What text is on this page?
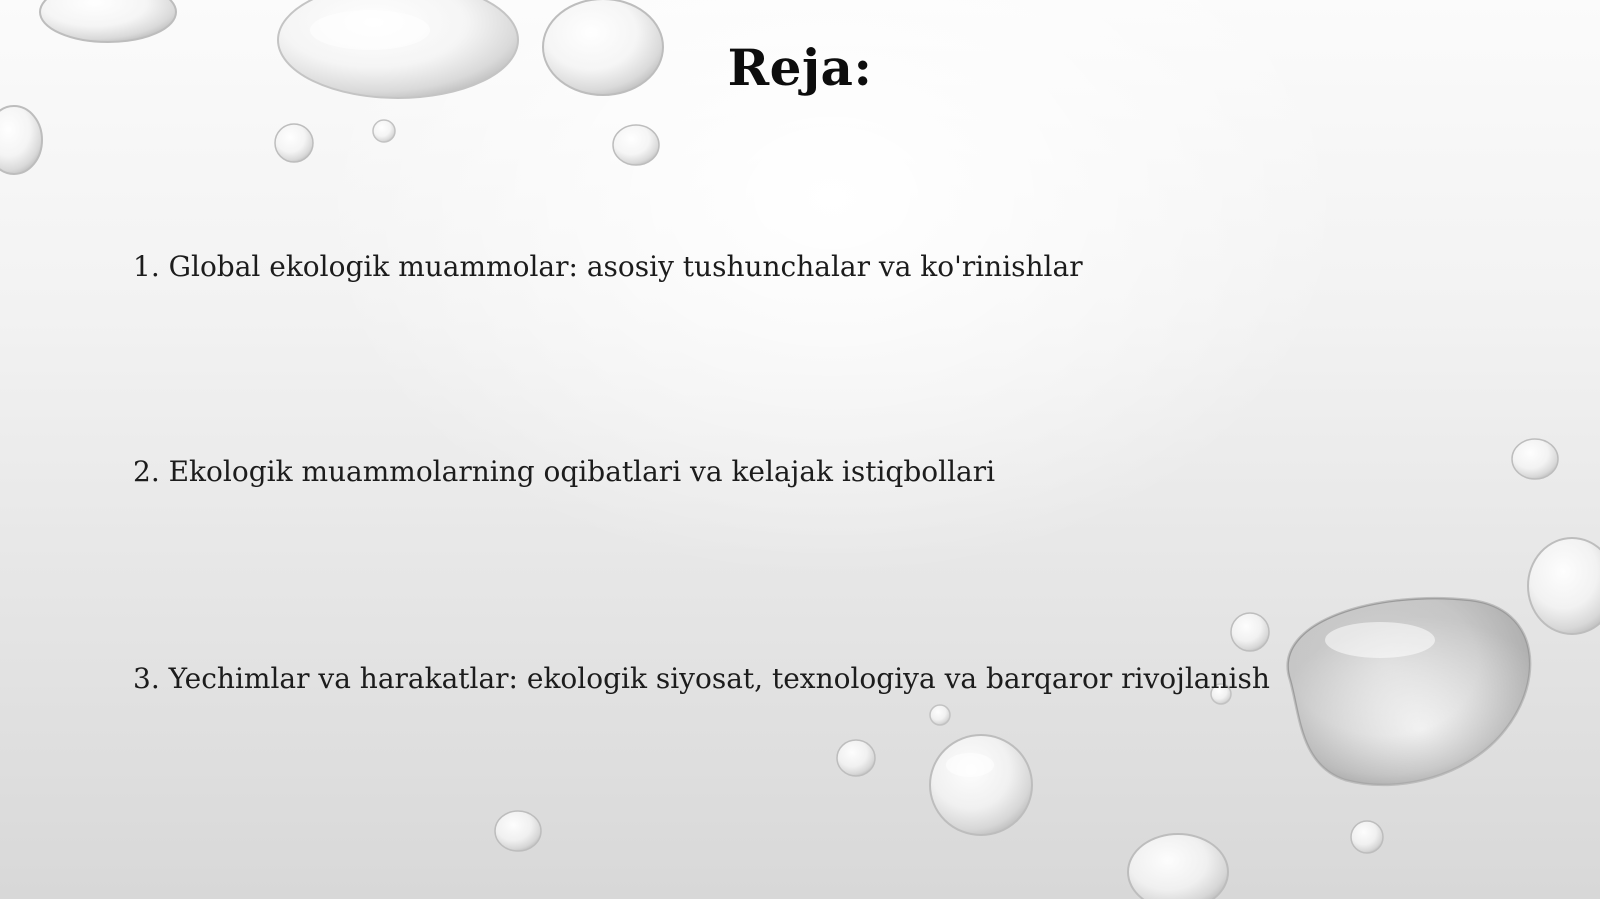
Reja:
1. Global ekologik muammolar: asosiy tushunchalar va ko'rinishlar
2. Ekologik muammolarning oqibatlari va kelajak istiqbollari
3. Yechimlar va harakatlar: ekologik siyosat, texnologiya va barqaror rivojlanish
